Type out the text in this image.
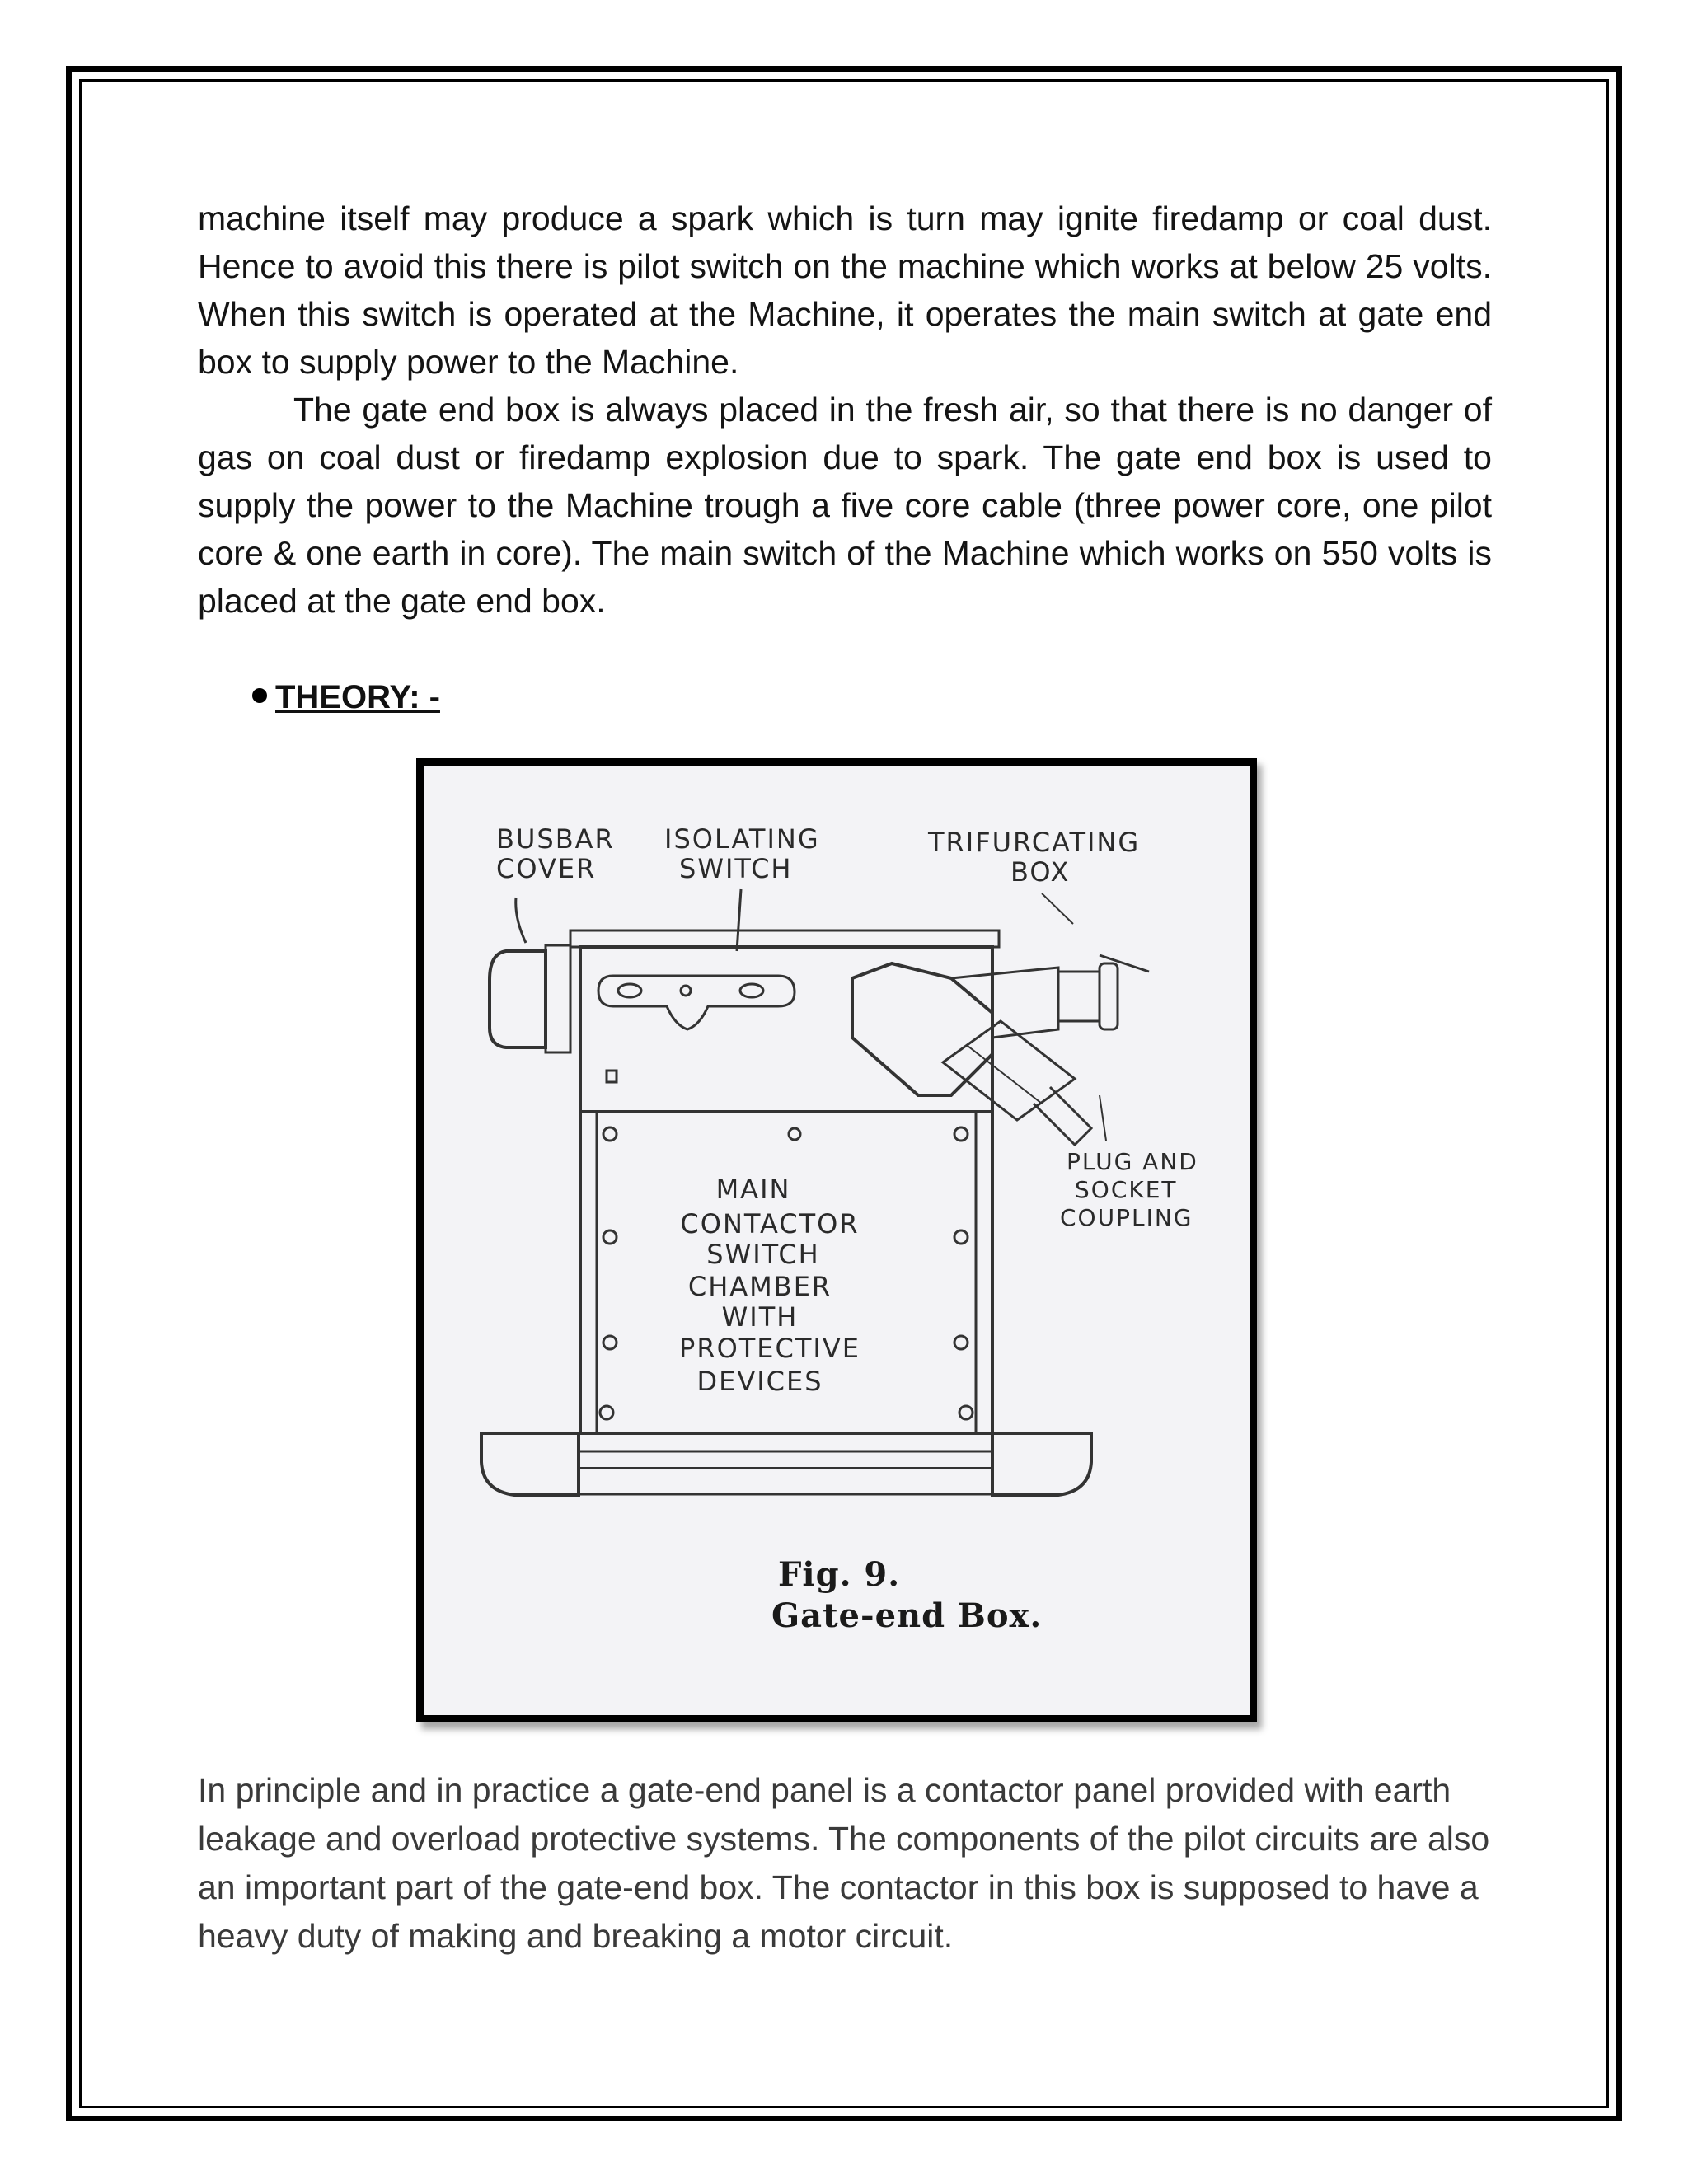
machine itself may produce a spark which is turn may ignite firedamp or coal dust. Hence to avoid this there is pilot switch on the machine which works at below 25 volts. When this switch is operated at the Machine, it operates the main switch at gate end box to supply power to the Machine.

The gate end box is always placed in the fresh air, so that there is no danger of gas on coal dust or firedamp explosion due to spark. The gate end box is used to supply the power to the Machine trough a five core cable (three power core, one pilot core & one earth in core). The main switch of the Machine which works on 550 volts is placed at the gate end box.

THEORY: -
BUSBAR
COVER
ISOLATING
SWITCH
TRIFURCATING
BOX
PLUG AND
SOCKET
COUPLING
MAIN
CONTACTOR
SWITCH
CHAMBER
WITH
PROTECTIVE
DEVICES
Fig. 9.
Gate-end Box.

In principle and in practice a gate-end panel is a contactor panel provided with earth leakage and overload protective systems. The components of the pilot circuits are also an important part of the gate-end box. The contactor in this box is supposed to have a heavy duty of making and breaking a motor circuit.
